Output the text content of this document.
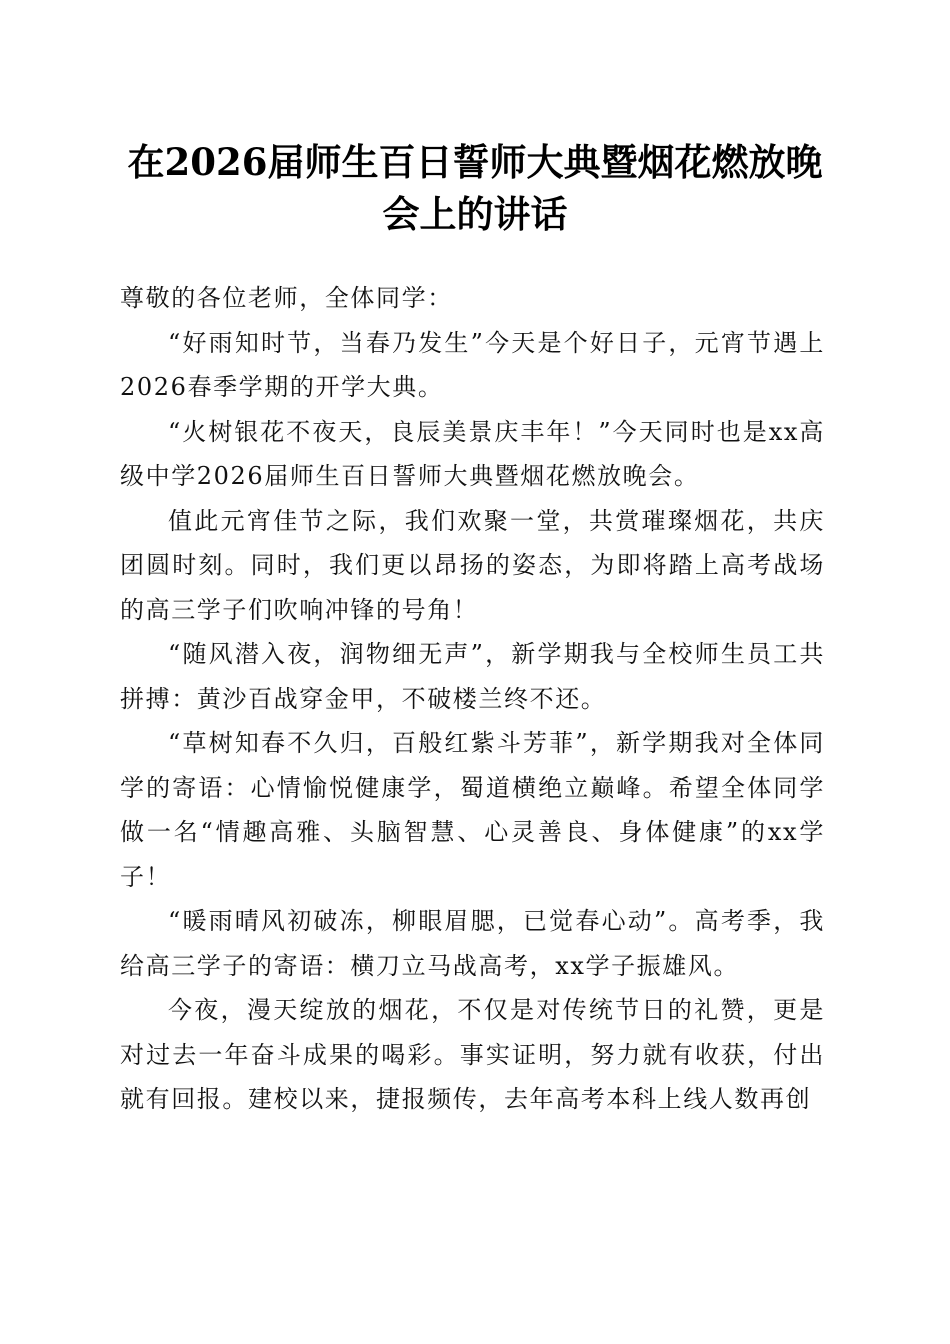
在2026届师生百日誓师大典暨烟花燃放晚会上的讲话

尊敬的各位老师，全体同学：

“好雨知时节，当春乃发生”今天是个好日子，元宵节遇上2026春季学期的开学大典。

“火树银花不夜天，良辰美景庆丰年！”今天同时也是xx高级中学2026届师生百日誓师大典暨烟花燃放晚会。

值此元宵佳节之际，我们欢聚一堂，共赏璀璨烟花，共庆团圆时刻。同时，我们更以昂扬的姿态，为即将踏上高考战场的高三学子们吹响冲锋的号角！

“随风潜入夜，润物细无声”，新学期我与全校师生员工共拼搏：黄沙百战穿金甲，不破楼兰终不还。

“草树知春不久归，百般红紫斗芳菲”，新学期我对全体同学的寄语：心情愉悦健康学，蜀道横绝立巅峰。希望全体同学做一名“情趣高雅、头脑智慧、心灵善良、身体健康”的xx学子！

“暖雨晴风初破冻，柳眼眉腮，已觉春心动”。高考季，我给高三学子的寄语：横刀立马战高考，xx学子振雄风。

今夜，漫天绽放的烟花，不仅是对传统节日的礼赞，更是对过去一年奋斗成果的喝彩。事实证明，努力就有收获，付出就有回报。建校以来，捷报频传，去年高考本科上线人数再创
